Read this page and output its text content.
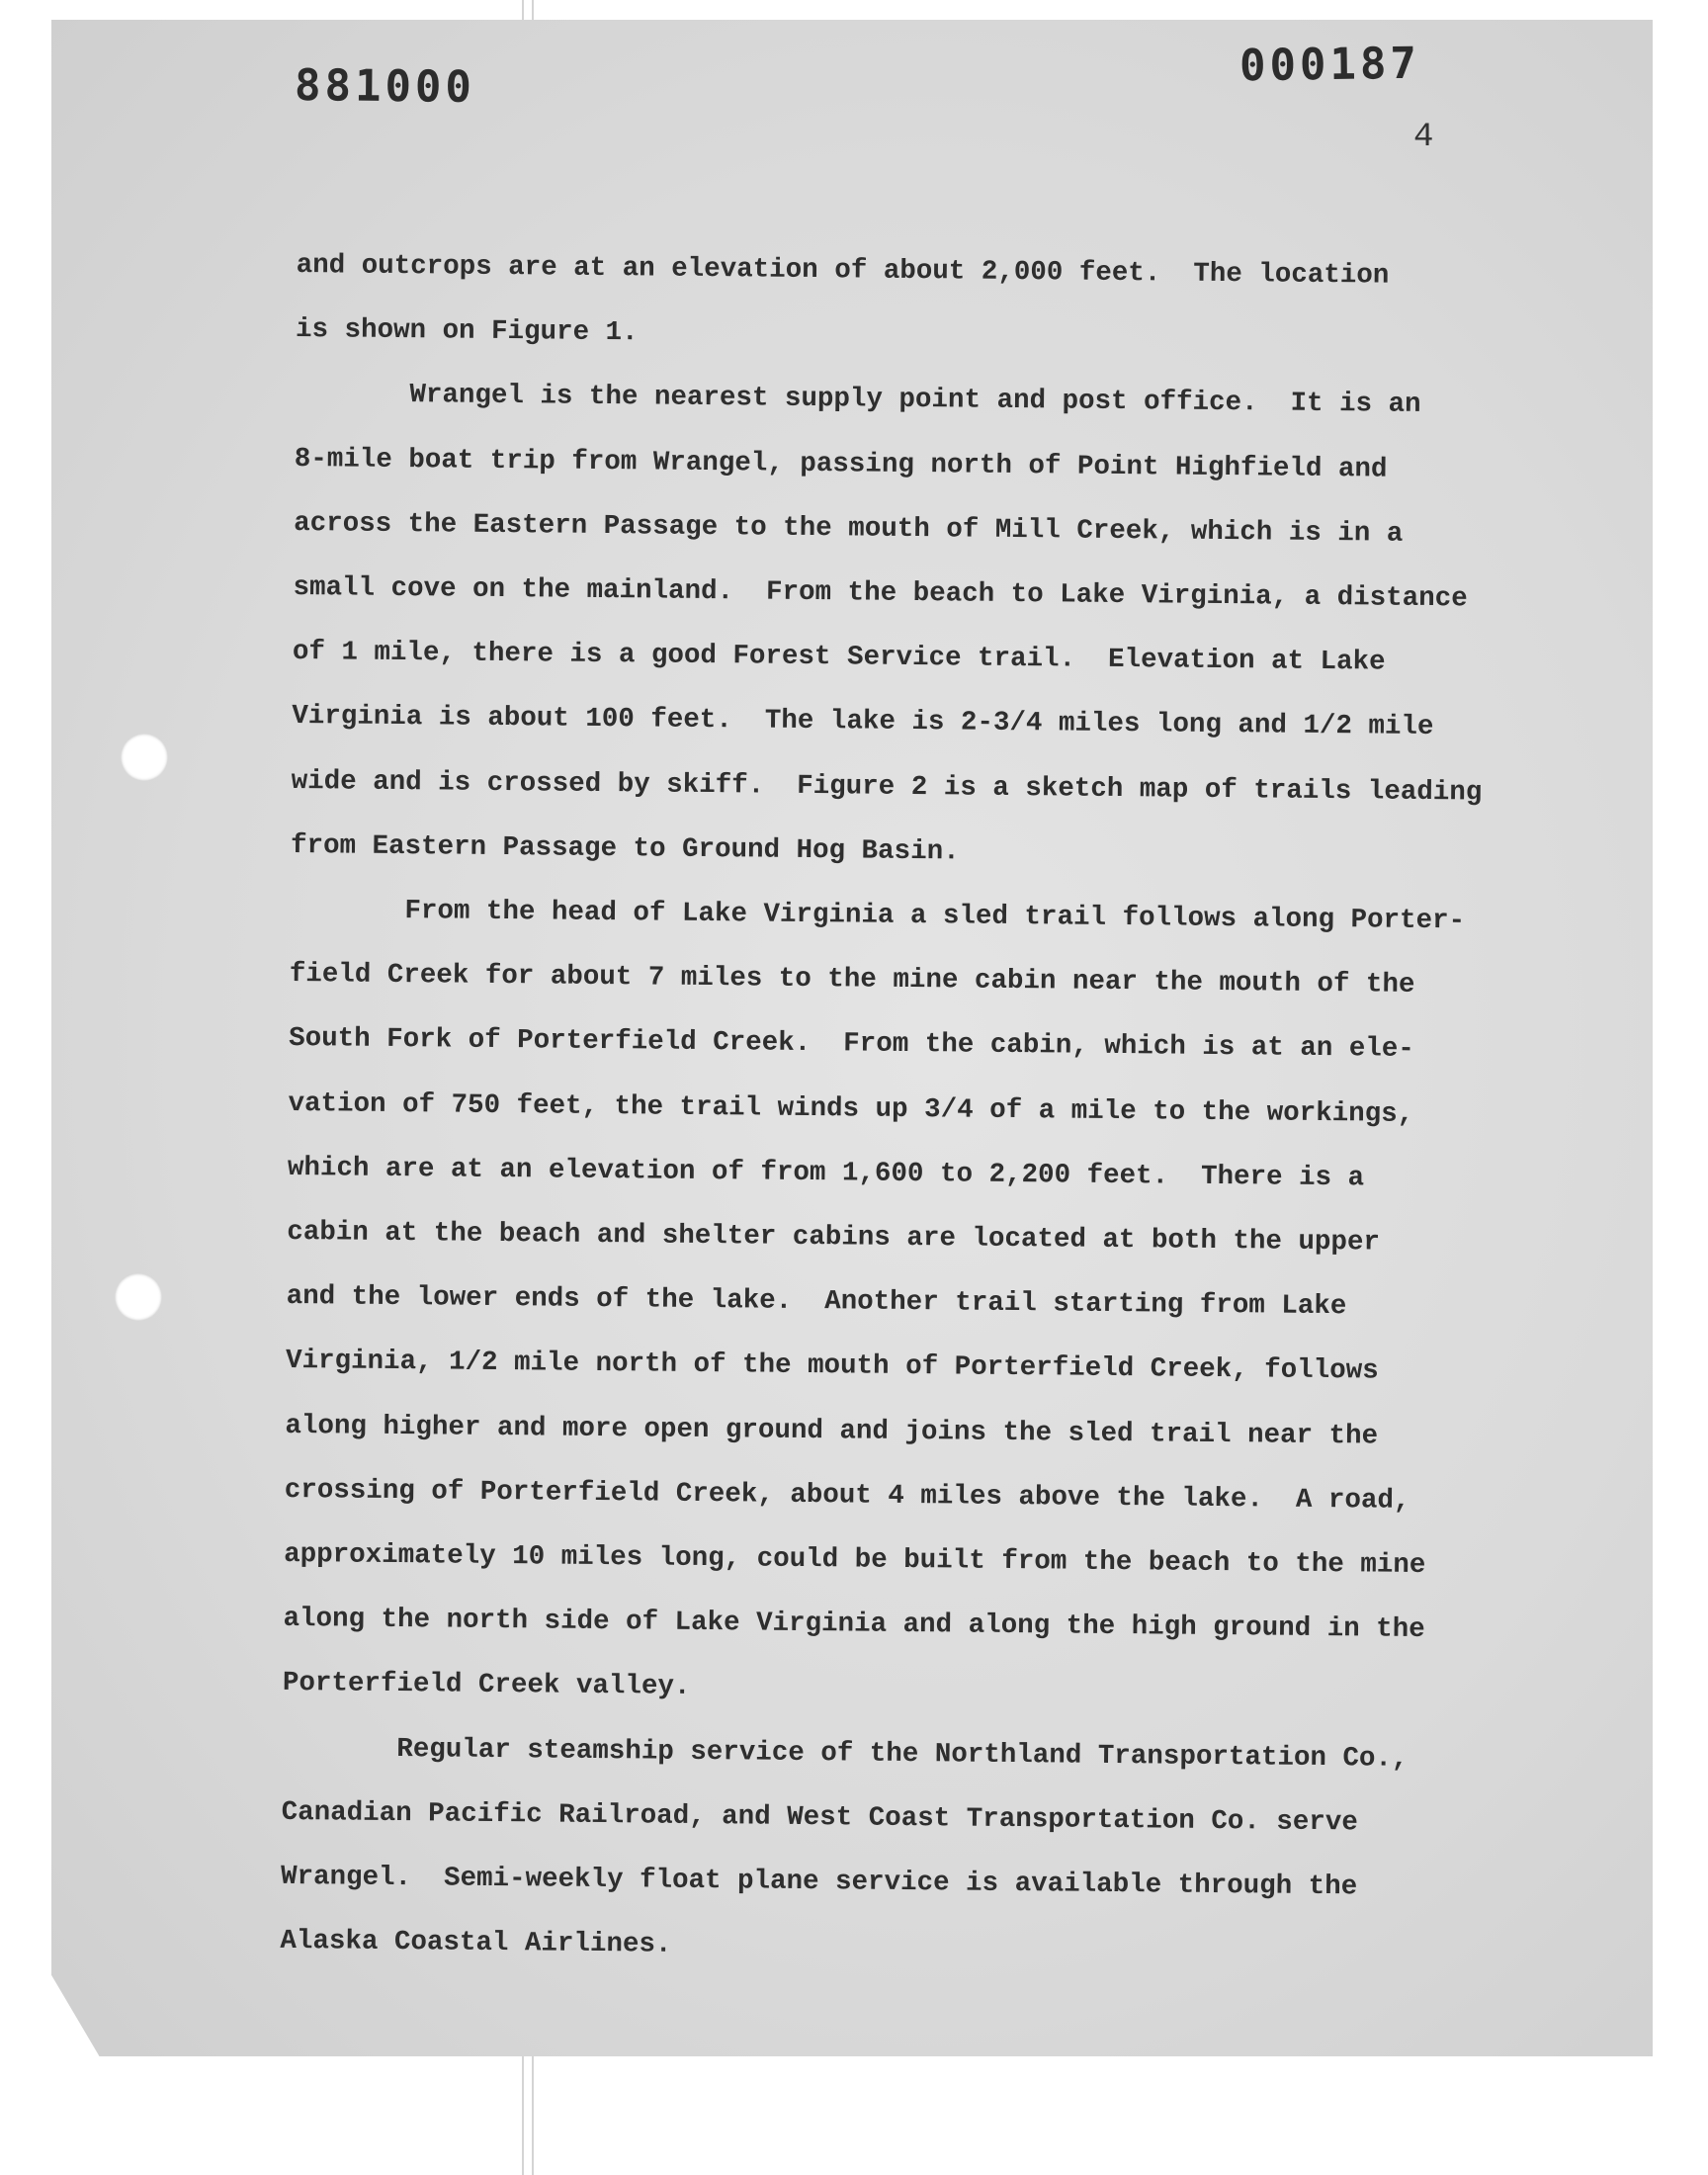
881000	000187
4
and outcrops are at an elevation of about 2,000 feet.  The location
is shown on Figure 1.
Wrangel is the nearest supply point and post office.  It is an
8-mile boat trip from Wrangel, passing north of Point Highfield and
across the Eastern Passage to the mouth of Mill Creek, which is in a
small cove on the mainland.  From the beach to Lake Virginia, a distance
of 1 mile, there is a good Forest Service trail.  Elevation at Lake
Virginia is about 100 feet.  The lake is 2-3/4 miles long and 1/2 mile
wide and is crossed by skiff.  Figure 2 is a sketch map of trails leading
from Eastern Passage to Ground Hog Basin.
From the head of Lake Virginia a sled trail follows along Porter-
field Creek for about 7 miles to the mine cabin near the mouth of the
South Fork of Porterfield Creek.  From the cabin, which is at an ele-
vation of 750 feet, the trail winds up 3/4 of a mile to the workings,
which are at an elevation of from 1,600 to 2,200 feet.  There is a
cabin at the beach and shelter cabins are located at both the upper
and the lower ends of the lake.  Another trail starting from Lake
Virginia, 1/2 mile north of the mouth of Porterfield Creek, follows
along higher and more open ground and joins the sled trail near the
crossing of Porterfield Creek, about 4 miles above the lake.  A road,
approximately 10 miles long, could be built from the beach to the mine
along the north side of Lake Virginia and along the high ground in the
Porterfield Creek valley.
Regular steamship service of the Northland Transportation Co.,
Canadian Pacific Railroad, and West Coast Transportation Co. serve
Wrangel.  Semi-weekly float plane service is available through the
Alaska Coastal Airlines.
